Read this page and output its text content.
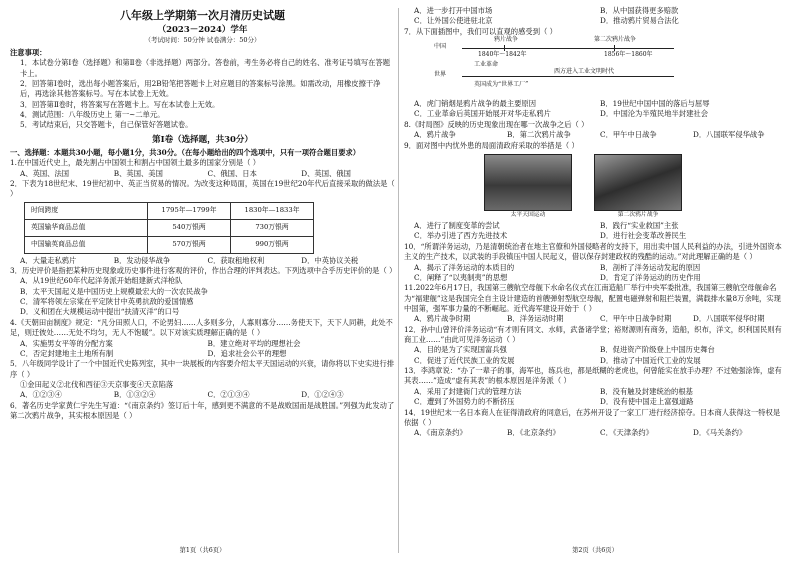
八年级上学期第一次月清历史试题
（2023－2024）学年
（考试时间：50分钟 试卷满分：50分）

注意事项：

1．本试卷分第Ⅰ卷（选择题）和第Ⅱ卷（非选择题）两部分。答卷前，考生务必将自己的姓名、准考证号填写在答题卡上。

2．回答第Ⅰ卷时，选出每小题答案后，用2B铅笔把答题卡上对应题目的答案标号涂黑。如需改动，用橡皮擦干净后，再选涂其他答案标号。写在本试卷上无效。

3．回答第Ⅱ卷时，将答案写在答题卡上。写在本试卷上无效。

4．测试范围：八年级历史上 第一~二单元。

5．考试结束后，只交答题卡，自己保管好答题试卷。

第Ⅰ卷（选择题，共30分）

一、选择题：本题共30小题，每小题1分，共30分。（在每小题给出的四个选项中，只有一项符合题目要求）

1.在中国近代史上，最先割占中国领土和割占中国领土最多的国家分别是（ ）

A、英国、法国	B、英国、美国	C、俄国、日本	D、英国、俄国

2．下表为18世纪末、19世纪初中、英正当贸易的情况。为改变这种局面，英国在19世纪20年代后直接采取的做法是（ ）

时间跨度	1795年—1799年	1830年—1833年
英国输华商品总值	540万银两	730万银两
中国输英商品总值	570万银两	990万银两
A．大量走私鸦片	B．发动侵华战争	C．获取租地权利	D．中英协议关税

3．历史评价是指把某种历史现象或历史事件进行客观的评价，作出合理的评判表达。下列选项中合乎历史评价的是（ ）

A．从19世纪60年代起洋务派开始组建新式洋枪队
B．太平天国起义是中国历史上规模最宏大的一次农民战争
C．清军将领左宗棠在平定陕甘中英勇抗敌的爱国情感
D．义和团在大规模运动中提出“扶清灭洋”的口号

4.《天朝田亩制度》规定：“凡分田照人口，不论男妇……人多则多分，人寡则寡分……务使天下，天下人同耕，此处不足，则迁彼处……无处不均匀，无人不饱暖”。以下对该实质理解正确的是（ ）

A．实施男女平等的分配方案	B．建立绝对平均的理想社会
C．否定封建地主土地所有制	D．追求社会公平的理想

5．八年级同学设计了一个中国近代史陈列室，其中一块展板的内容要介绍太平天国运动的兴衰，请你将以下史实进行排序（ ）

①金田起义②北伐和西征③天京事变④天京陷落

A．①②③④	B．①③②④	C．②①③④	D．①②④③

6．著名历史学家黄仁宇先生写道：“《南京条约》签订后十年，感到更不满意的不是战败国而是战胜国。”列强为此发动了第二次鸦片战争，其实根本原因是（ ）

第1页（共6页）
A．进一步打开中国市场	B．从中国获得更多赔款
C．让外国公使进驻北京	D．推动鸦片贸易合法化

7．从下面插图中，我们可以直观的感受到（ ）

中国
鸦片战争	第二次鸦片战争
1840年～1842年	1856年～1860年
世界
工业革命
西方进入工业文明时代
英国成为“世界工厂”
A．虎门销烟是鸦片战争的最主要原因	B．19世纪中国中国的落后与屈辱
C．工业革命后英国开始展开对华走私鸦片	D．中国沦为半殖民地半封建社会

8.《时局图》反映的历史现象出现在哪一次战争之后（ ）

A．鸦片战争	B．第二次鸦片战争	C．甲午中日战争	D．八国联军侵华战争

9．面对图中内忧外患的局面清政府采取的举措是（ ）

太平天国运动	第二次鸦片战争
A．进行了制度变革的尝试	B．践行“实业救国”主张
C．举办引进了西方先进技术	D．进行社会变革改善民生

10．“所谓洋务运动，乃是清朝统治者在地主官僚和外国侵略者的支持下，用出卖中国人民利益的办法，引进外国资本主义的生产技术，以武装的手段镇压中国人民起义，借以保存封建政权的残酷的运动。”对此理解正确的是（ ）

A．揭示了洋务运动的本质目的	B．剖析了洋务运动发起的原因
C．阐释了“以夷制夷”的思想	D．肯定了洋务运动的历史作用

11.2022年6月17日，我国第三艘航空母舰下水命名仪式在江南造船厂举行中央军委批准，我国第三艘航空母舰命名为“福建舰”这是我国完全自主设计建造的首艘弹射型航空母舰，配置电磁弹射和阻拦装置，满载排水量8万余吨，实现中国第，强军事力量的不断崛起。近代海军建设开始于（ ）

A．鸦片战争时期	B．洋务运动时期	C．甲午中日战争时期	D．八国联军侵华时期

12．孙中山曾评价洋务运动“有才则有同文、水师，武备诸学堂；裕财源则有商务，造船，织布，洋文，织利国民则有商工业……”由此可见洋务运动（ ）

A．目的是为了实现国富兵强	B．促进资产阶级登上中国历史舞台
C．促进了近代民族工业的发展	D．推动了中国近代工业的发展

13．李鸿章说：“办了一辈子的事，海军也，练兵也，都是纸糊的老虎也，何曾能实在放手办理？不过勉强涂饰，虚有其表……”造成“虚有其表”的根本原因是洋务派（ ）

A．采用了封建衙门式的管理方法	B．没有触及封建统治的根基
C．遭到了外国势力的不断挤压	D．没有使中国走上富强道路

14．19世纪末一名日本商人在征得清政府的同意后，在苏州开设了一家工厂进行经济掠夺。日本商人获得这一特权是依据（ ）

A．《南京条约》	B．《北京条约》	C．《天津条约》	D．《马关条约》
第2页（共6页）
